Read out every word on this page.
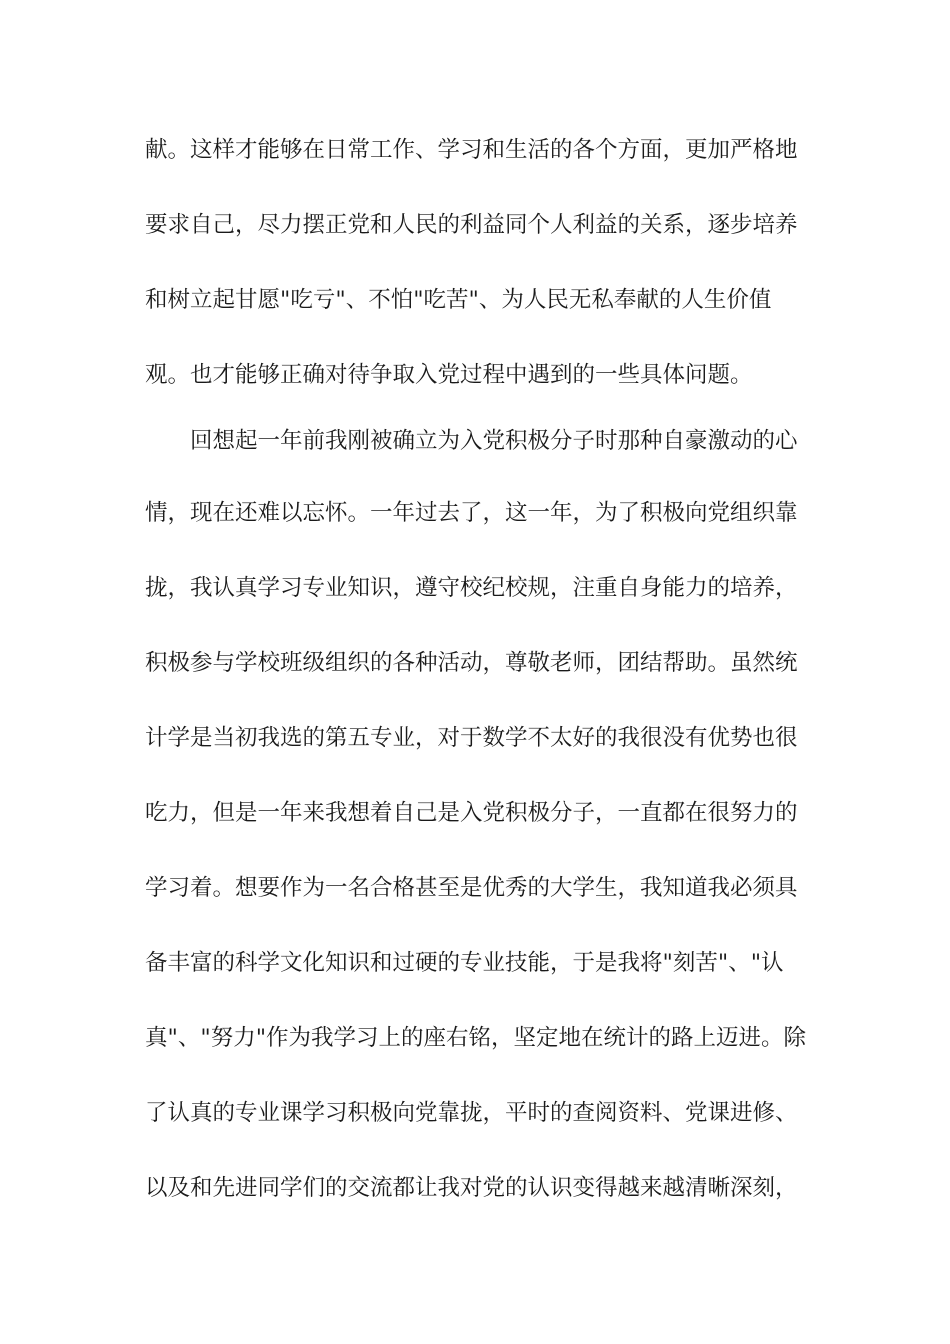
献。这样才能够在日常工作、学习和生活的各个方面，更加严格地
要求自己，尽力摆正党和人民的利益同个人利益的关系，逐步培养
和树立起甘愿"吃亏"、不怕"吃苦"、为人民无私奉献的人生价值
观。也才能够正确对待争取入党过程中遇到的一些具体问题。
回想起一年前我刚被确立为入党积极分子时那种自豪激动的心
情，现在还难以忘怀。一年过去了，这一年，为了积极向党组织靠
拢，我认真学习专业知识，遵守校纪校规，注重自身能力的培养，
积极参与学校班级组织的各种活动，尊敬老师，团结帮助。虽然统
计学是当初我选的第五专业，对于数学不太好的我很没有优势也很
吃力，但是一年来我想着自己是入党积极分子，一直都在很努力的
学习着。想要作为一名合格甚至是优秀的大学生，我知道我必须具
备丰富的科学文化知识和过硬的专业技能，于是我将"刻苦"、"认
真"、"努力"作为我学习上的座右铭，坚定地在统计的路上迈进。除
了认真的专业课学习积极向党靠拢，平时的查阅资料、党课进修、
以及和先进同学们的交流都让我对党的认识变得越来越清晰深刻，
